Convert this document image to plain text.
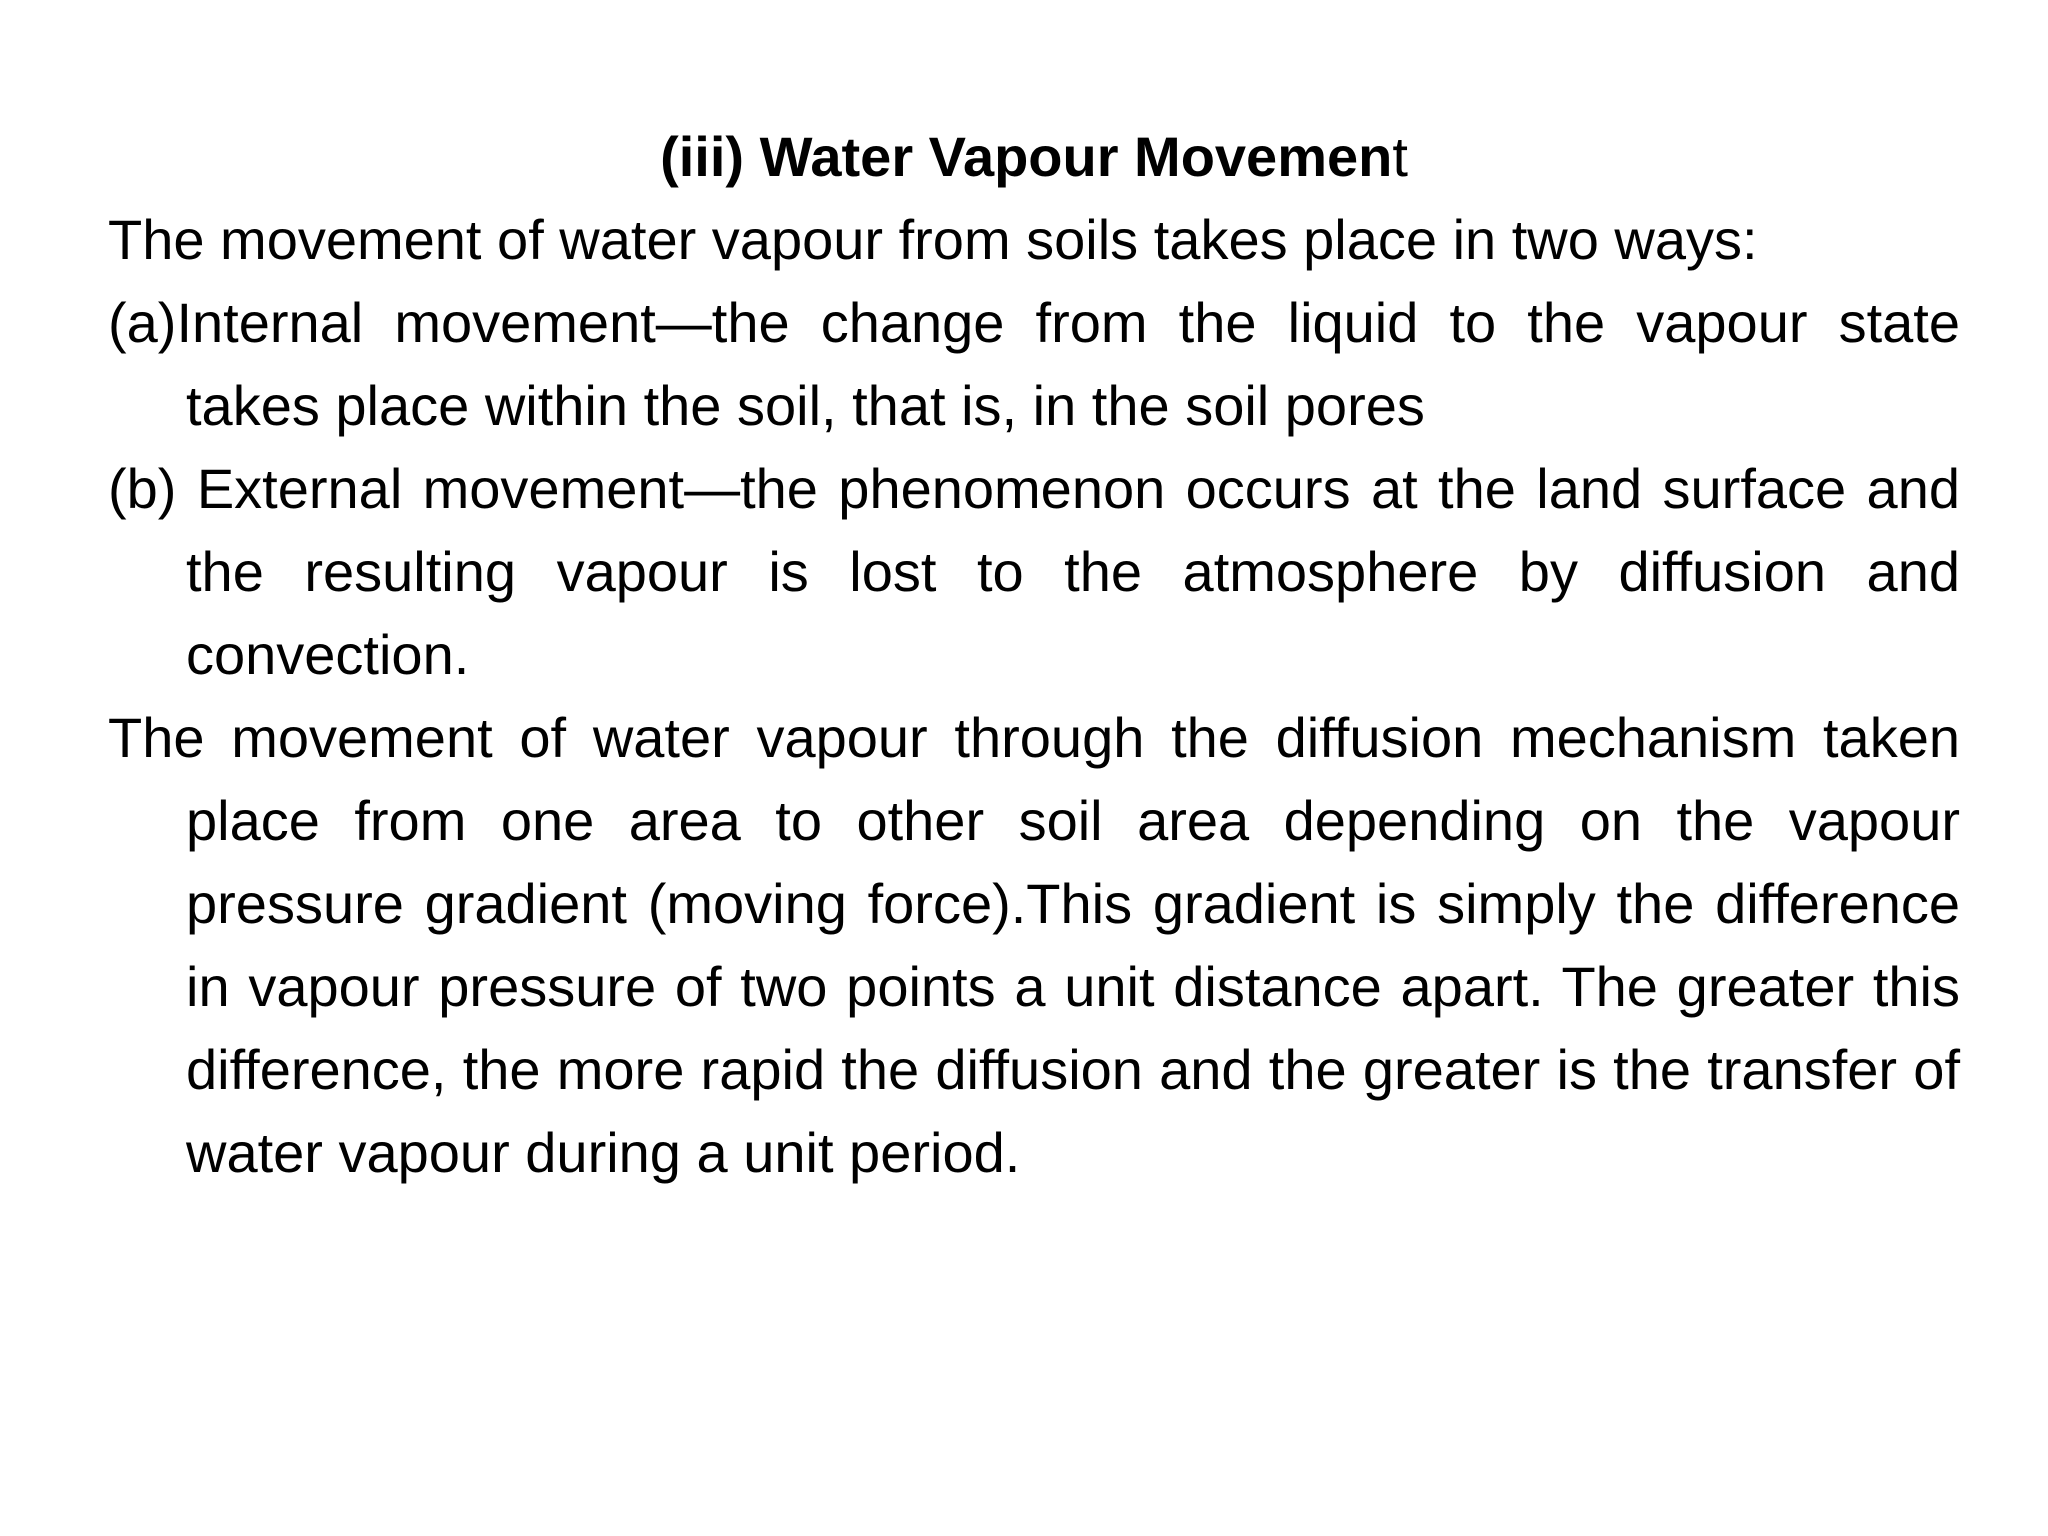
(iii) Water Vapour Movement

The movement of water vapour from soils takes place in two ways:

(a)Internal movement—the change from the liquid to the vapour state takes place within the soil, that is, in the soil pores

(b) External movement—the phenomenon occurs at the land surface and the resulting vapour is lost to the atmosphere by diffusion and convection.

The movement of water vapour through the diffusion mechanism taken place from one area to other soil area depending on the vapour pressure gradient (moving force).This gradient is simply the difference in vapour pressure of two points a unit distance apart. The greater this difference, the more rapid the diffusion and the greater is the transfer of water vapour during a unit period.
